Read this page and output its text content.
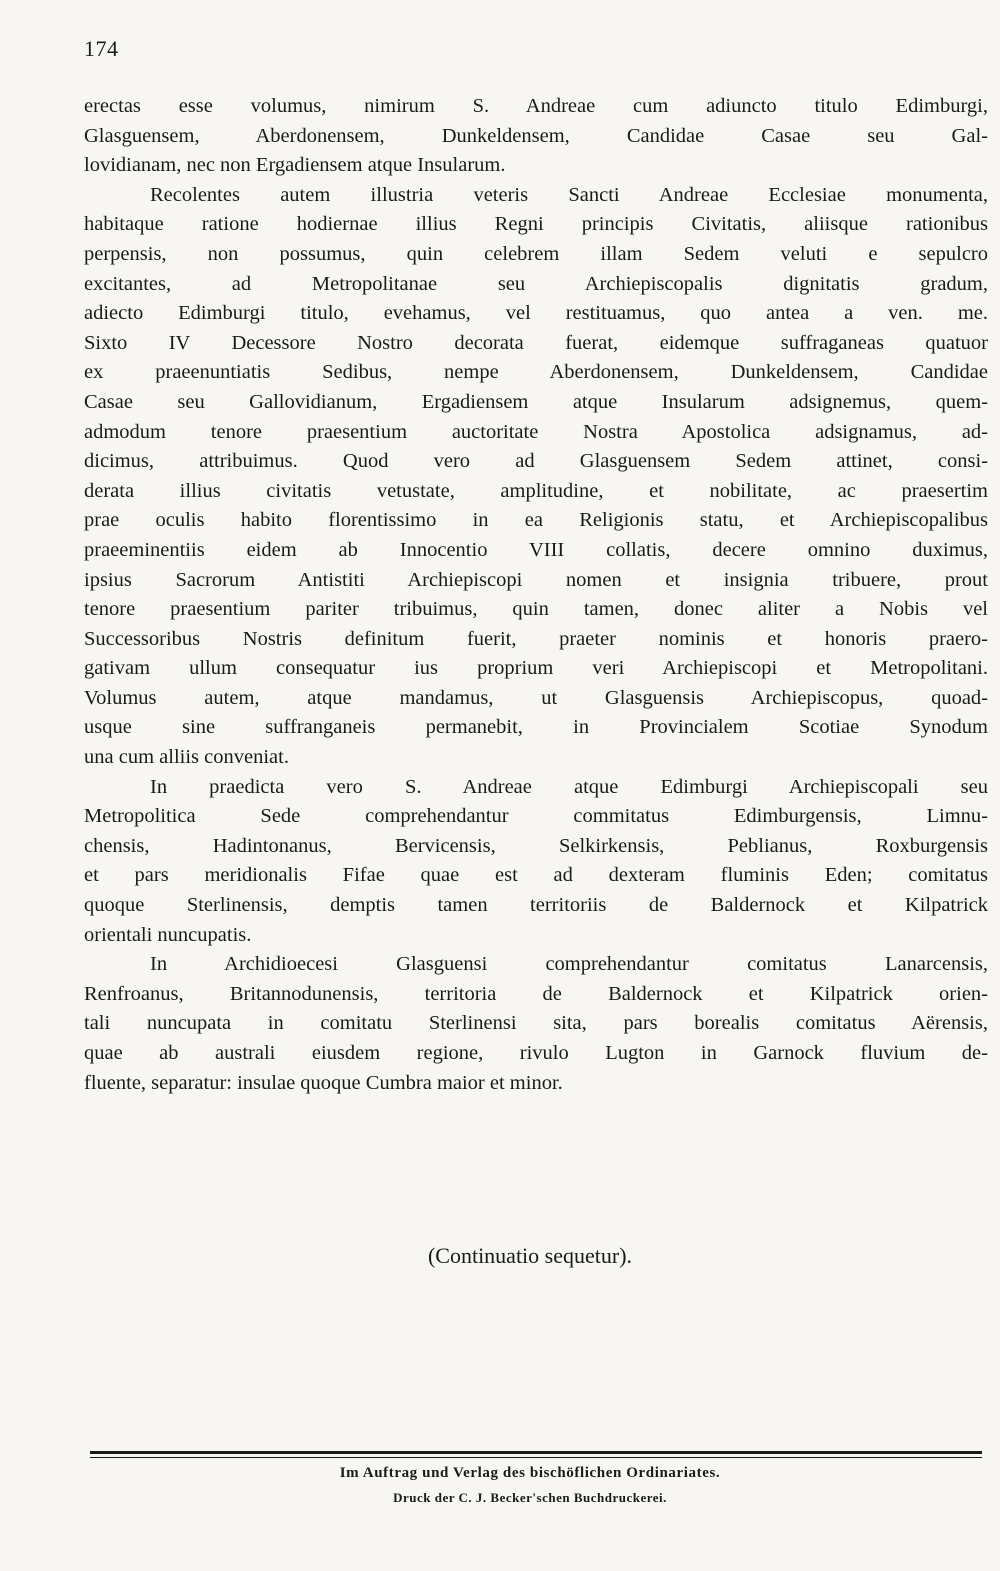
174
erectas esse volumus, nimirum S. Andreae cum adiuncto titulo Edimburgi,
Glasguensem, Aberdonensem, Dunkeldensem, Candidae Casae seu Gal-
lovidianam, nec non Ergadiensem atque Insularum.
Recolentes autem illustria veteris Sancti Andreae Ecclesiae monumenta,
habitaque ratione hodiernae illius Regni principis Civitatis, aliisque rationibus
perpensis, non possumus, quin celebrem illam Sedem veluti e sepulcro
excitantes, ad Metropolitanae seu Archiepiscopalis dignitatis gradum,
adiecto Edimburgi titulo, evehamus, vel restituamus, quo antea a ven. me.
Sixto IV Decessore Nostro decorata fuerat, eidemque suffraganeas quatuor
ex praeenuntiatis Sedibus, nempe Aberdonensem, Dunkeldensem, Candidae
Casae seu Gallovidianum, Ergadiensem atque Insularum adsignemus, quem-
admodum tenore praesentium auctoritate Nostra Apostolica adsignamus, ad-
dicimus, attribuimus. Quod vero ad Glasguensem Sedem attinet, consi-
derata illius civitatis vetustate, amplitudine, et nobilitate, ac praesertim
prae oculis habito florentissimo in ea Religionis statu, et Archiepiscopalibus
praeeminentiis eidem ab Innocentio VIII collatis, decere omnino duximus,
ipsius Sacrorum Antistiti Archiepiscopi nomen et insignia tribuere, prout
tenore praesentium pariter tribuimus, quin tamen, donec aliter a Nobis vel
Successoribus Nostris definitum fuerit, praeter nominis et honoris praero-
gativam ullum consequatur ius proprium veri Archiepiscopi et Metropolitani.
Volumus autem, atque mandamus, ut Glasguensis Archiepiscopus, quoad-
usque sine suffranganeis permanebit, in Provincialem Scotiae Synodum
una cum alliis conveniat.
In praedicta vero S. Andreae atque Edimburgi Archiepiscopali seu
Metropolitica Sede comprehendantur commitatus Edimburgensis, Limnu-
chensis, Hadintonanus, Bervicensis, Selkirkensis, Peblianus, Roxburgensis
et pars meridionalis Fifae quae est ad dexteram fluminis Eden; comitatus
quoque Sterlinensis, demptis tamen territoriis de Baldernock et Kilpatrick
orientali nuncupatis.
In Archidioecesi Glasguensi comprehendantur comitatus Lanarcensis,
Renfroanus, Britannodunensis, territoria de Baldernock et Kilpatrick orien-
tali nuncupata in comitatu Sterlinensi sita, pars borealis comitatus Aërensis,
quae ab australi eiusdem regione, rivulo Lugton in Garnock fluvium de-
fluente, separatur: insulae quoque Cumbra maior et minor.
(Continuatio sequetur).
Im Auftrag und Verlag des bischöflichen Ordinariates.
Druck der C. J. Becker'schen Buchdruckerei.
